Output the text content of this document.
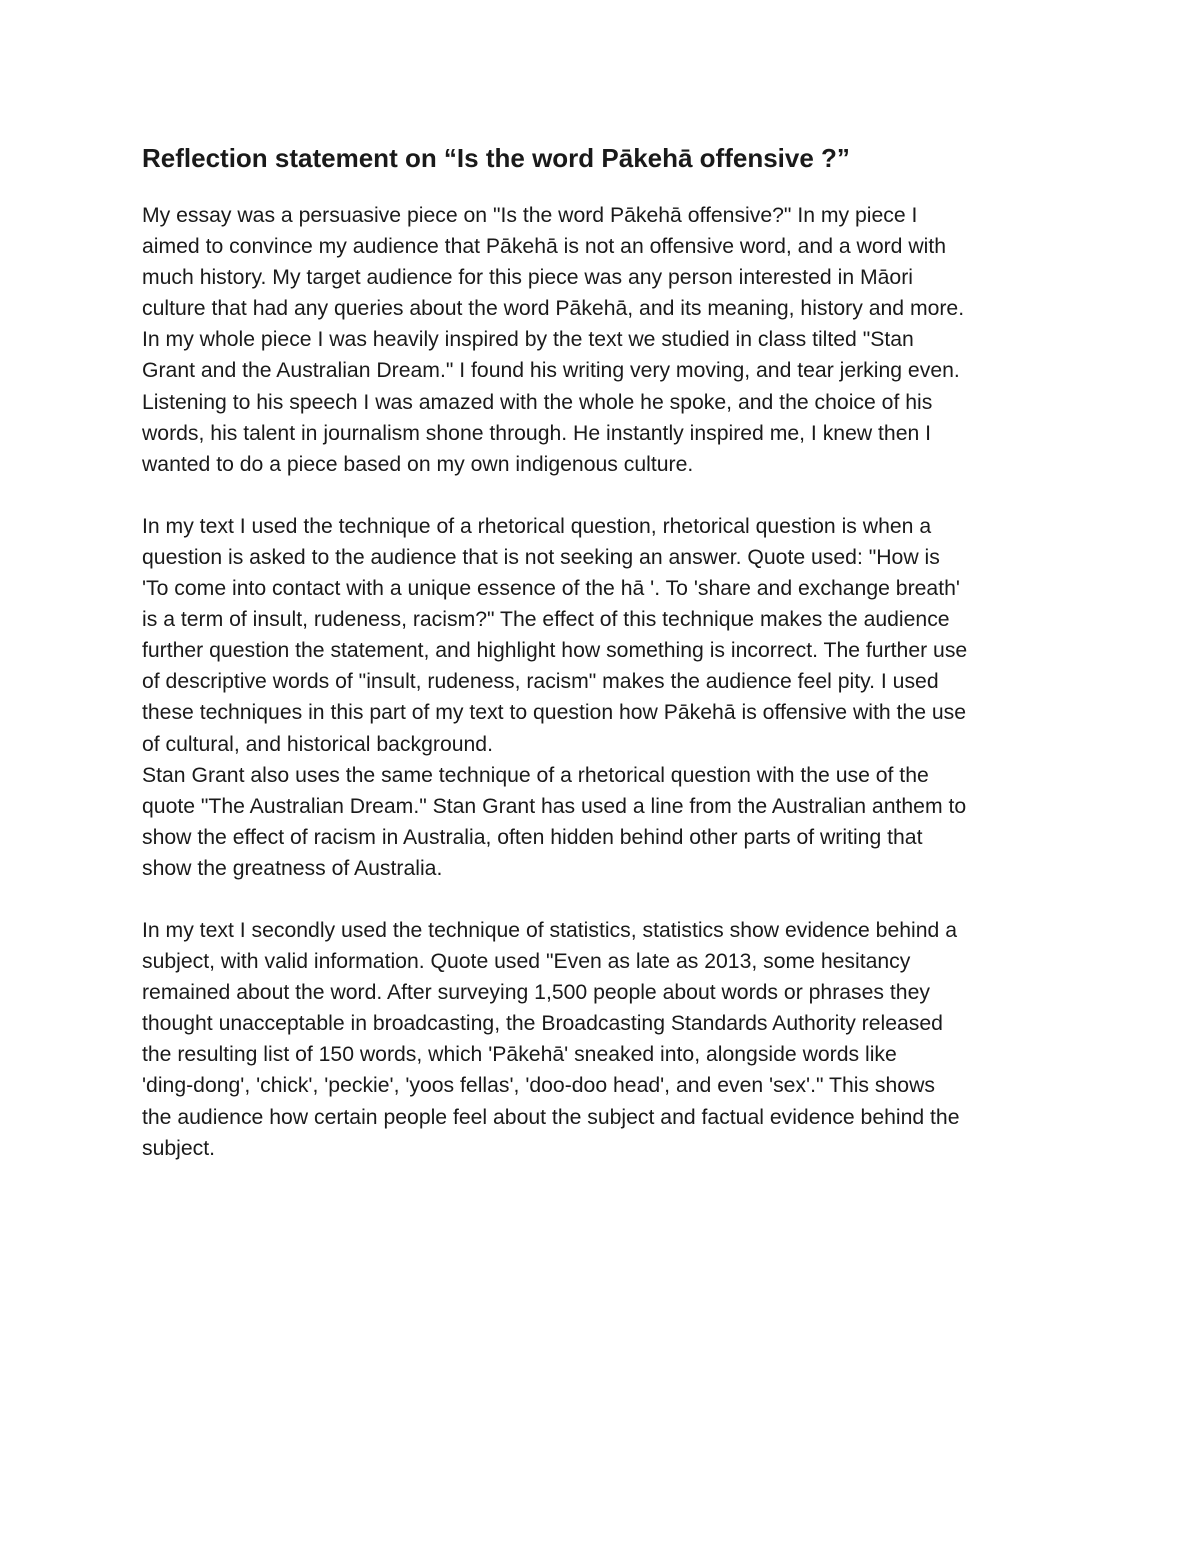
Reflection statement on “Is the word Pākehā offensive ?”

My essay was a persuasive piece on "Is the word Pākehā offensive?" In my piece I
aimed to convince my audience that Pākehā is not an offensive word, and a word with
much history. My target audience for this piece was any person interested in Māori
culture that had any queries about the word Pākehā, and its meaning, history and more.
In my whole piece I was heavily inspired by the text we studied in class tilted "Stan
Grant and the Australian Dream." I found his writing very moving, and tear jerking even.
Listening to his speech I was amazed with the whole he spoke, and the choice of his
words, his talent in journalism shone through. He instantly inspired me, I knew then I
wanted to do a piece based on my own indigenous culture.

In my text I used the technique of a rhetorical question, rhetorical question is when a
question is asked to the audience that is not seeking an answer. Quote used: "How is
'To come into contact with a unique essence of the hā '. To 'share and exchange breath'
is a term of insult, rudeness, racism?" The effect of this technique makes the audience
further question the statement, and highlight how something is incorrect. The further use
of descriptive words of "insult, rudeness, racism" makes the audience feel pity. I used
these techniques in this part of my text to question how Pākehā is offensive with the use
of cultural, and historical background.

Stan Grant also uses the same technique of a rhetorical question with the use of the
quote "The Australian Dream." Stan Grant has used a line from the Australian anthem to
show the effect of racism in Australia, often hidden behind other parts of writing that
show the greatness of Australia.

In my text I secondly used the technique of statistics, statistics show evidence behind a
subject, with valid information. Quote used "Even as late as 2013, some hesitancy
remained about the word. After surveying 1,500 people about words or phrases they
thought unacceptable in broadcasting, the Broadcasting Standards Authority released
the resulting list of 150 words, which 'Pākehā' sneaked into, alongside words like
'ding-dong', 'chick', 'peckie', 'yoos fellas', 'doo-doo head', and even 'sex'." This shows
the audience how certain people feel about the subject and factual evidence behind the
subject.
